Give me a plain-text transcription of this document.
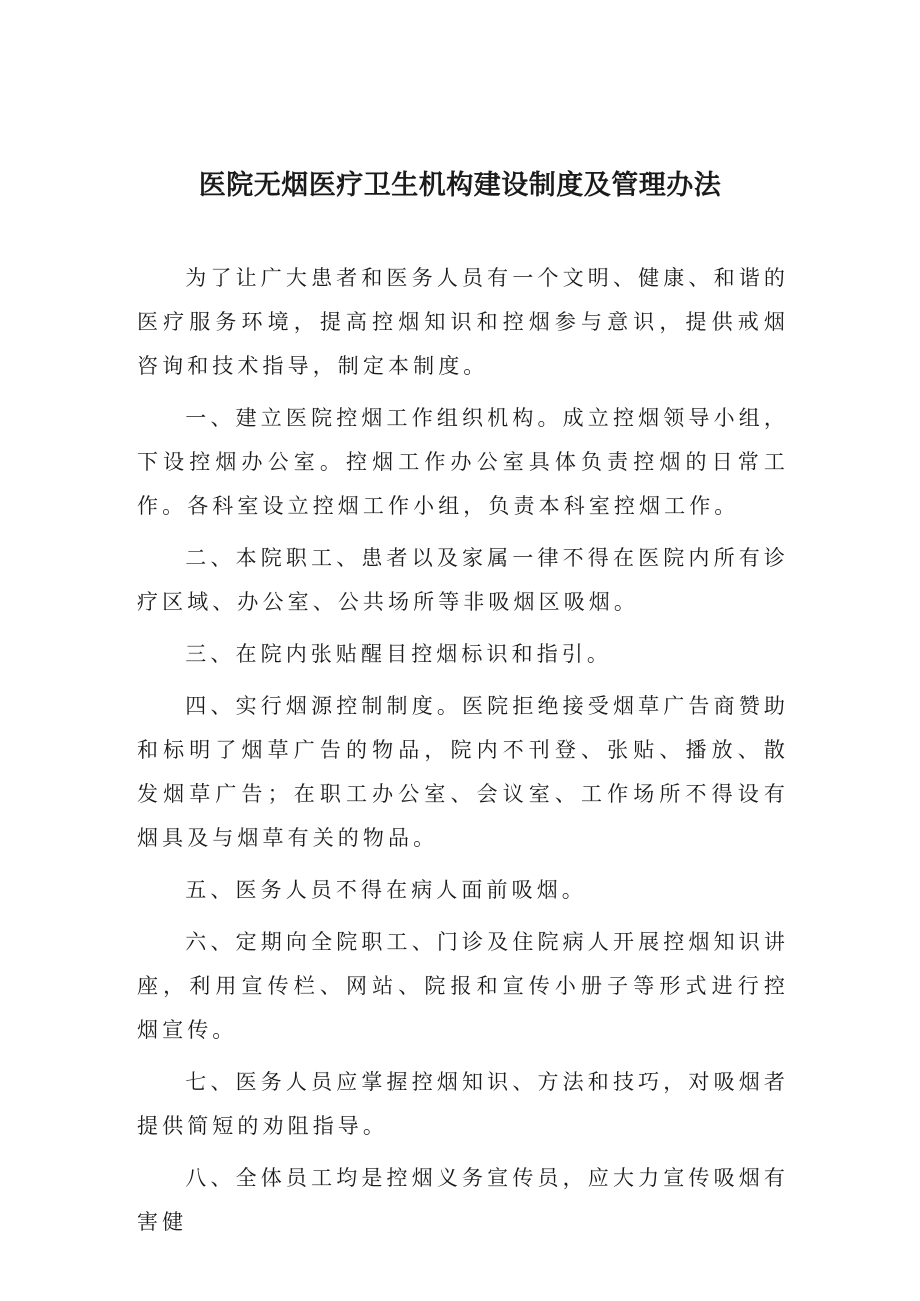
医院无烟医疗卫生机构建设制度及管理办法

为了让广大患者和医务人员有一个文明、健康、和谐的医疗服务环境，提高控烟知识和控烟参与意识，提供戒烟咨询和技术指导，制定本制度。

一、建立医院控烟工作组织机构。成立控烟领导小组，下设控烟办公室。控烟工作办公室具体负责控烟的日常工作。各科室设立控烟工作小组，负责本科室控烟工作。

二、本院职工、患者以及家属一律不得在医院内所有诊疗区域、办公室、公共场所等非吸烟区吸烟。

三、在院内张贴醒目控烟标识和指引。

四、实行烟源控制制度。医院拒绝接受烟草广告商赞助和标明了烟草广告的物品，院内不刊登、张贴、播放、散发烟草广告；在职工办公室、会议室、工作场所不得设有烟具及与烟草有关的物品。

五、医务人员不得在病人面前吸烟。

六、定期向全院职工、门诊及住院病人开展控烟知识讲座，利用宣传栏、网站、院报和宣传小册子等形式进行控烟宣传。

七、医务人员应掌握控烟知识、方法和技巧，对吸烟者提供简短的劝阻指导。

八、全体员工均是控烟义务宣传员，应大力宣传吸烟有害健
